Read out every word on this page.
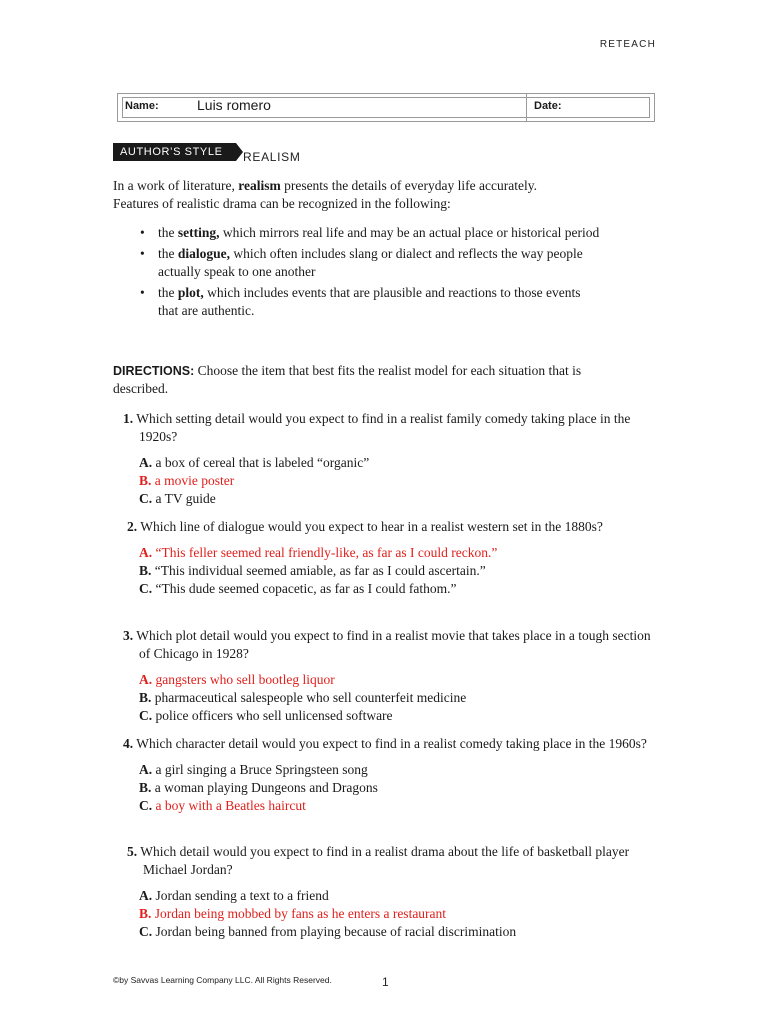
RETEACH
Name:	Luis romero	Date:
AUTHOR’S STYLE	REALISM
In a work of literature, realism presents the details of everyday life accurately.
Features of realistic drama can be recognized in the following:
• the setting, which mirrors real life and may be an actual place or historical period
• the dialogue, which often includes slang or dialect and reflects the way people actually speak to one another
• the plot, which includes events that are plausible and reactions to those events that are authentic.
DIRECTIONS: Choose the item that best fits the realist model for each situation that is described.
1. Which setting detail would you expect to find in a realist family comedy taking place in the 1920s?
A. a box of cereal that is labeled “organic”
B. a movie poster
C. a TV guide
2. Which line of dialogue would you expect to hear in a realist western set in the 1880s?
A. “This feller seemed real friendly-like, as far as I could reckon.”
B. “This individual seemed amiable, as far as I could ascertain.”
C. “This dude seemed copacetic, as far as I could fathom.”
3. Which plot detail would you expect to find in a realist movie that takes place in a tough section of Chicago in 1928?
A. gangsters who sell bootleg liquor
B. pharmaceutical salespeople who sell counterfeit medicine
C. police officers who sell unlicensed software
4. Which character detail would you expect to find in a realist comedy taking place in the 1960s?
A. a girl singing a Bruce Springsteen song
B. a woman playing Dungeons and Dragons
C. a boy with a Beatles haircut
5. Which detail would you expect to find in a realist drama about the life of basketball player Michael Jordan?
A. Jordan sending a text to a friend
B. Jordan being mobbed by fans as he enters a restaurant
C. Jordan being banned from playing because of racial discrimination
©by Savvas Learning Company LLC. All Rights Reserved.	1
